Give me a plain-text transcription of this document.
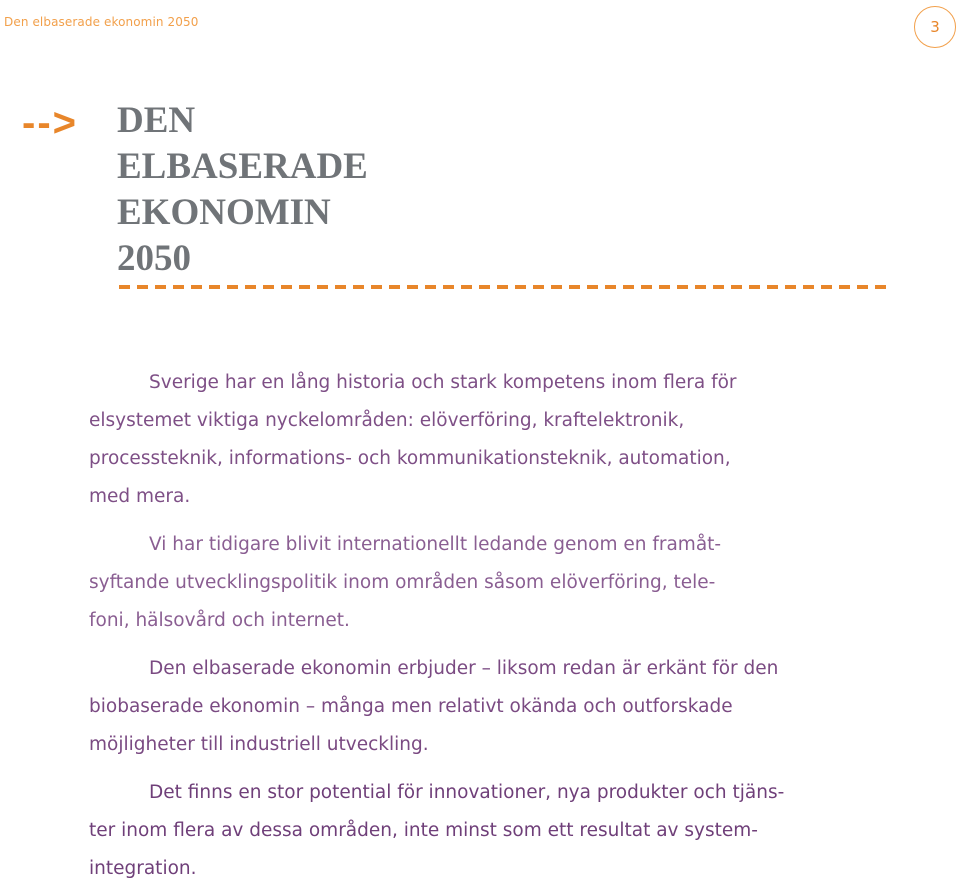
Den elbaserade ekonomin 2050	3
--> DEN
ELBASERADE
EKONOMIN
2050

Sverige har en lång historia och stark kompetens inom flera för
elsystemet viktiga nyckelområden: elöverföring, kraftelektronik,
processteknik, informations- och kommunikationsteknik, automation,
med mera.

Vi har tidigare blivit internationellt ledande genom en framåt-
syftande utvecklingspolitik inom områden såsom elöverföring, tele-
foni, hälsovård och internet.

Den elbaserade ekonomin erbjuder – liksom redan är erkänt för den
biobaserade ekonomin – många men relativt okända och outforskade
möjligheter till industriell utveckling.

Det finns en stor potential för innovationer, nya produkter och tjäns-
ter inom flera av dessa områden, inte minst som ett resultat av system-
integration.
